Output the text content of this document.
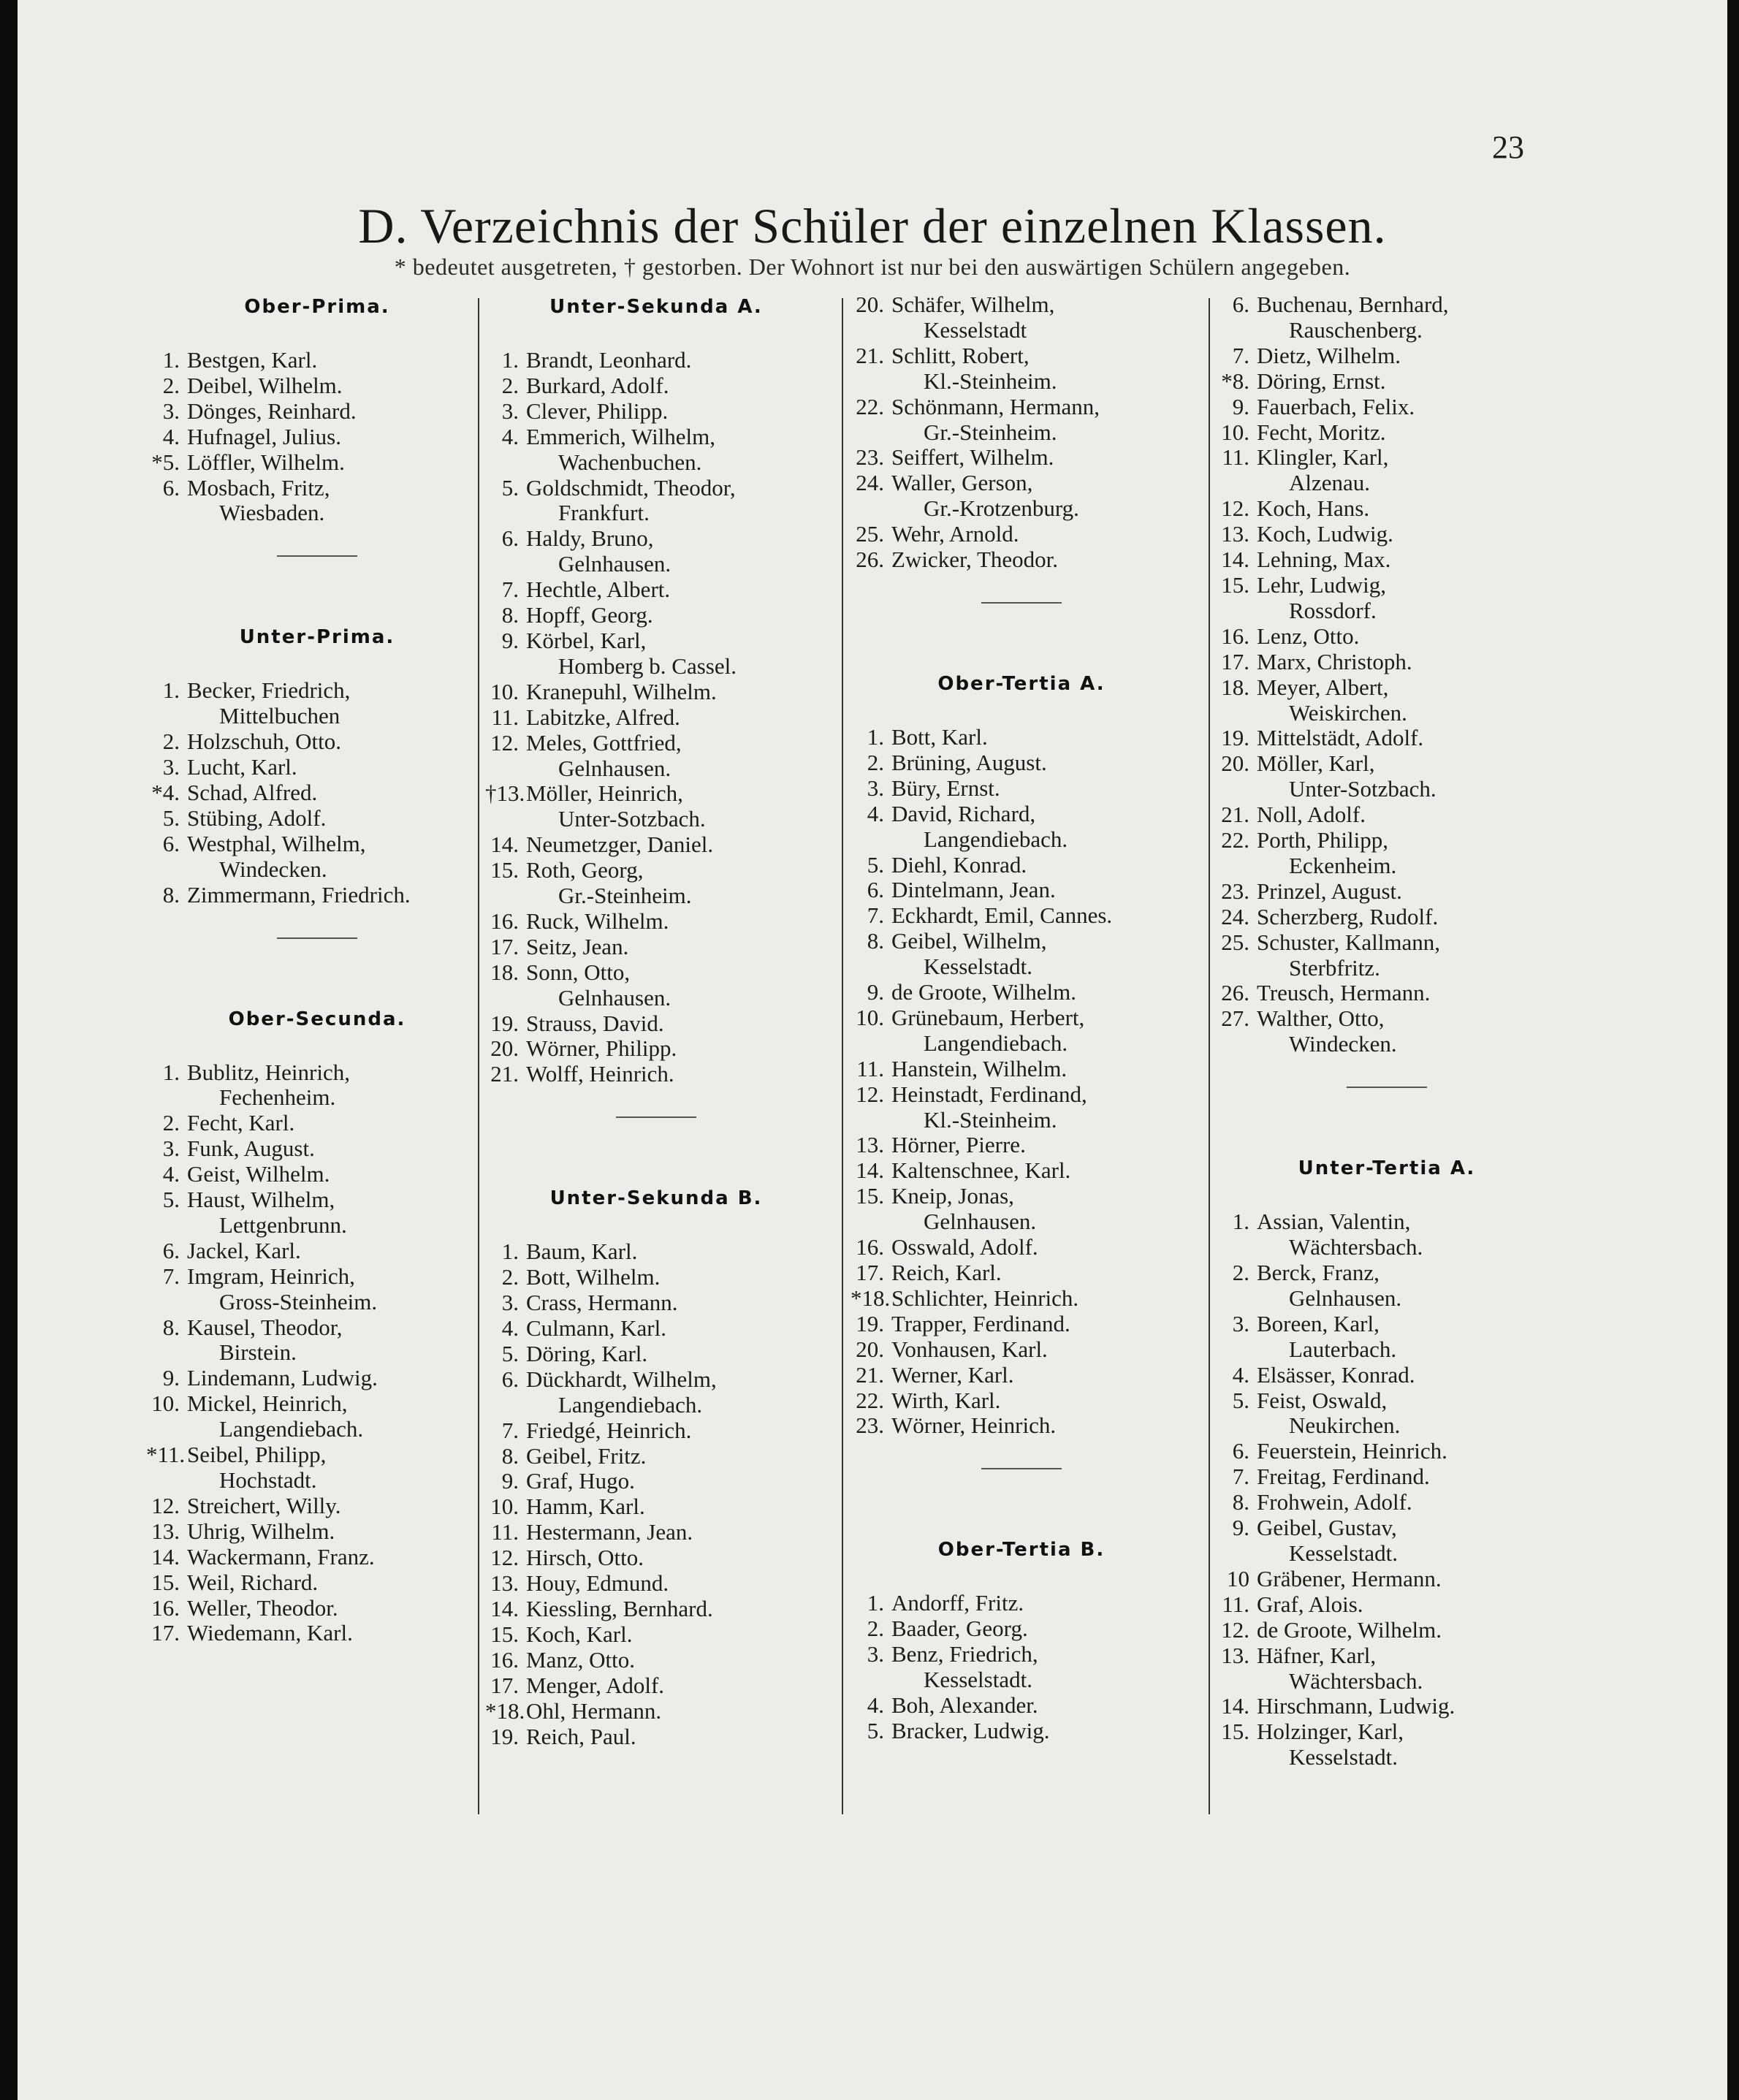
23
D. Verzeichnis der Schüler der einzelnen Klassen.
* bedeutet ausgetreten, † gestorben. Der Wohnort ist nur bei den auswärtigen Schülern angegeben.
Ober-Prima.
1. Bestgen, Karl.
2. Deibel, Wilhelm.
3. Dönges, Reinhard.
4. Hufnagel, Julius.
*5. Löffler, Wilhelm.
6. Mosbach, Fritz,
Wiesbaden.
Unter-Prima.
1. Becker, Friedrich,
Mittelbuchen
2. Holzschuh, Otto.
3. Lucht, Karl.
*4. Schad, Alfred.
5. Stübing, Adolf.
6. Westphal, Wilhelm,
Windecken.
8. Zimmermann, Friedrich.
Ober-Secunda.
1. Bublitz, Heinrich,
Fechenheim.
2. Fecht, Karl.
3. Funk, August.
4. Geist, Wilhelm.
5. Haust, Wilhelm,
Lettgenbrunn.
6. Jackel, Karl.
7. Imgram, Heinrich,
Gross-Steinheim.
8. Kausel, Theodor,
Birstein.
9. Lindemann, Ludwig.
10. Mickel, Heinrich,
Langendiebach.
*11. Seibel, Philipp,
Hochstadt.
12. Streichert, Willy.
13. Uhrig, Wilhelm.
14. Wackermann, Franz.
15. Weil, Richard.
16. Weller, Theodor.
17. Wiedemann, Karl.
Unter-Sekunda A.
1. Brandt, Leonhard.
2. Burkard, Adolf.
3. Clever, Philipp.
4. Emmerich, Wilhelm,
Wachenbuchen.
5. Goldschmidt, Theodor,
Frankfurt.
6. Haldy, Bruno,
Gelnhausen.
7. Hechtle, Albert.
8. Hopff, Georg.
9. Körbel, Karl,
Homberg b. Cassel.
10. Kranepuhl, Wilhelm.
11. Labitzke, Alfred.
12. Meles, Gottfried,
Gelnhausen.
†13. Möller, Heinrich,
Unter-Sotzbach.
14. Neumetzger, Daniel.
15. Roth, Georg,
Gr.-Steinheim.
16. Ruck, Wilhelm.
17. Seitz, Jean.
18. Sonn, Otto,
Gelnhausen.
19. Strauss, David.
20. Wörner, Philipp.
21. Wolff, Heinrich.
Unter-Sekunda B.
1. Baum, Karl.
2. Bott, Wilhelm.
3. Crass, Hermann.
4. Culmann, Karl.
5. Döring, Karl.
6. Dückhardt, Wilhelm,
Langendiebach.
7. Friedgé, Heinrich.
8. Geibel, Fritz.
9. Graf, Hugo.
10. Hamm, Karl.
11. Hestermann, Jean.
12. Hirsch, Otto.
13. Houy, Edmund.
14. Kiessling, Bernhard.
15. Koch, Karl.
16. Manz, Otto.
17. Menger, Adolf.
*18. Ohl, Hermann.
19. Reich, Paul.
20. Schäfer, Wilhelm,
Kesselstadt
21. Schlitt, Robert,
Kl.-Steinheim.
22. Schönmann, Hermann,
Gr.-Steinheim.
23. Seiffert, Wilhelm.
24. Waller, Gerson,
Gr.-Krotzenburg.
25. Wehr, Arnold.
26. Zwicker, Theodor.
Ober-Tertia A.
1. Bott, Karl.
2. Brüning, August.
3. Büry, Ernst.
4. David, Richard,
Langendiebach.
5. Diehl, Konrad.
6. Dintelmann, Jean.
7. Eckhardt, Emil, Cannes.
8. Geibel, Wilhelm,
Kesselstadt.
9. de Groote, Wilhelm.
10. Grünebaum, Herbert,
Langendiebach.
11. Hanstein, Wilhelm.
12. Heinstadt, Ferdinand,
Kl.-Steinheim.
13. Hörner, Pierre.
14. Kaltenschnee, Karl.
15. Kneip, Jonas,
Gelnhausen.
16. Osswald, Adolf.
17. Reich, Karl.
*18. Schlichter, Heinrich.
19. Trapper, Ferdinand.
20. Vonhausen, Karl.
21. Werner, Karl.
22. Wirth, Karl.
23. Wörner, Heinrich.
Ober-Tertia B.
1. Andorff, Fritz.
2. Baader, Georg.
3. Benz, Friedrich,
Kesselstadt.
4. Boh, Alexander.
5. Bracker, Ludwig.
6. Buchenau, Bernhard,
Rauschenberg.
7. Dietz, Wilhelm.
*8. Döring, Ernst.
9. Fauerbach, Felix.
10. Fecht, Moritz.
11. Klingler, Karl,
Alzenau.
12. Koch, Hans.
13. Koch, Ludwig.
14. Lehning, Max.
15. Lehr, Ludwig,
Rossdorf.
16. Lenz, Otto.
17. Marx, Christoph.
18. Meyer, Albert,
Weiskirchen.
19. Mittelstädt, Adolf.
20. Möller, Karl,
Unter-Sotzbach.
21. Noll, Adolf.
22. Porth, Philipp,
Eckenheim.
23. Prinzel, August.
24. Scherzberg, Rudolf.
25. Schuster, Kallmann,
Sterbfritz.
26. Treusch, Hermann.
27. Walther, Otto,
Windecken.
Unter-Tertia A.
1. Assian, Valentin,
Wächtersbach.
2. Berck, Franz,
Gelnhausen.
3. Boreen, Karl,
Lauterbach.
4. Elsässer, Konrad.
5. Feist, Oswald,
Neukirchen.
6. Feuerstein, Heinrich.
7. Freitag, Ferdinand.
8. Frohwein, Adolf.
9. Geibel, Gustav,
Kesselstadt.
10 Gräbener, Hermann.
11. Graf, Alois.
12. de Groote, Wilhelm.
13. Häfner, Karl,
Wächtersbach.
14. Hirschmann, Ludwig.
15. Holzinger, Karl,
Kesselstadt.
